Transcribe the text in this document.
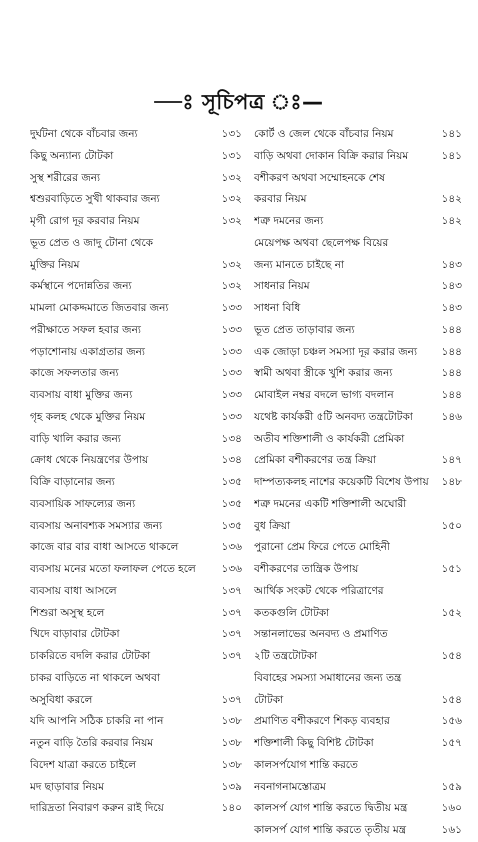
—ঃ সূচিপত্র ঃ—
দুর্ঘটনা থেকে বাঁচবার জন্য	১৩১
কিছু অন্যান্য টোটকা	১৩১
সুস্থ শরীরের জন্য	১৩২
শ্বশুরবাড়িতে সুখী থাকবার জন্য	১৩২
মৃগী রোগ দূর করবার নিয়ম	১৩২
ভূত প্রেত ও জাদু টোনা থেকে
মুক্তির নিয়ম	১৩২
কর্মস্থানে পদোন্নতির জন্য	১৩২
মামলা মোকদ্দমাতে জিতবার জন্য	১৩৩
পরীক্ষাতে সফল হবার জন্য	১৩৩
পড়াশোনায় একাগ্রতার জন্য	১৩৩
কাজে সফলতার জন্য	১৩৩
ব্যবসায় বাধা মুক্তির জন্য	১৩৩
গৃহ কলহ থেকে মুক্তির নিয়ম	১৩৩
বাড়ি খালি করার জন্য	১৩৪
ক্রোধ থেকে নিয়ন্ত্রণের উপায়	১৩৪
বিক্রি বাড়ানোর জন্য	১৩৫
ব্যবসায়িক সাফল্যের জন্য	১৩৫
ব্যবসায় অনাবশ্যক সমস্যার জন্য	১৩৫
কাজে বার বার বাধা আসতে থাকলে	১৩৬
ব্যবসায় মনের মতো ফলাফল পেতে হলে	১৩৬
ব্যবসায় বাধা আসলে	১৩৭
শিশুরা অসুস্থ হলে	১৩৭
খিদে বাড়াবার টোটকা	১৩৭
চাকরিতে বদলি করার টোটকা	১৩৭
চাকর বাড়িতে না থাকলে অথবা
অসুবিধা করলে	১৩৭
যদি আপনি সঠিক চাকরি না পান	১৩৮
নতুন বাড়ি তৈরি করবার নিয়ম	১৩৮
বিদেশ যাত্রা করতে চাইলে	১৩৮
মদ ছাড়াবার নিয়ম	১৩৯
দারিদ্রতা নিবারণ করুন রাই দিয়ে	১৪০
কোর্ট ও জেল থেকে বাঁচবার নিয়ম	১৪১
বাড়ি অথবা দোকান বিক্রি করার নিয়ম	১৪১
বশীকরণ অথবা সম্মোহনকে শেষ
করবার নিয়ম	১৪২
শত্রু দমনের জন্য	১৪২
মেয়েপক্ষ অথবা ছেলেপক্ষ বিয়ের
জন্য মানতে চাইছে না	১৪৩
সাধনার নিয়ম	১৪৩
সাধনা বিধি	১৪৩
ভূত প্রেত তাড়াবার জন্য	১৪৪
এক জোড়া চঞ্চল সমস্যা দূর করার জন্য	১৪৪
স্বামী অথবা স্ত্রীকে খুশি করার জন্য	১৪৪
মোবাইল নম্বর বদলে ভাগ্য বদলান	১৪৪
যথেষ্ট কার্যকরী ৫টি অনবদ্য তন্ত্রটোটকা	১৪৬
অতীব শক্তিশালী ও কার্যকরী প্রেমিকা
প্রেমিকা বশীকরণের তন্ত্র ক্রিয়া	১৪৭
দাম্পত্যকলহ নাশের কয়েকটি বিশেষ উপায়	১৪৮
শত্রু দমনের একটি শক্তিশালী অঘোরী
বুধ ক্রিয়া	১৫০
পুরানো প্রেম ফিরে পেতে মোহিনী
বশীকরণের তান্ত্রিক উপায়	১৫১
আর্থিক সংকট থেকে পরিত্রাণের
কতকগুলি টোটকা	১৫২
সন্তানলাভের অনবদ্য ও প্রমাণিত
২টি তন্ত্রটোটকা	১৫৪
বিবাহের সমস্যা সমাধানের জন্য তন্ত্র
টোটকা	১৫৪
প্রমাণিত বশীকরণে শিকড় ব্যবহার	১৫৬
শক্তিশালী কিছু বিশিষ্ট টোটকা	১৫৭
কালসর্পযোগ শান্তি করতে
নবনাগনামস্তোত্রম	১৫৯
কালসর্প যোগ শান্তি করতে দ্বিতীয় মন্ত্র	১৬০
কালসর্প যোগ শান্তি করতে তৃতীয় মন্ত্র	১৬১
